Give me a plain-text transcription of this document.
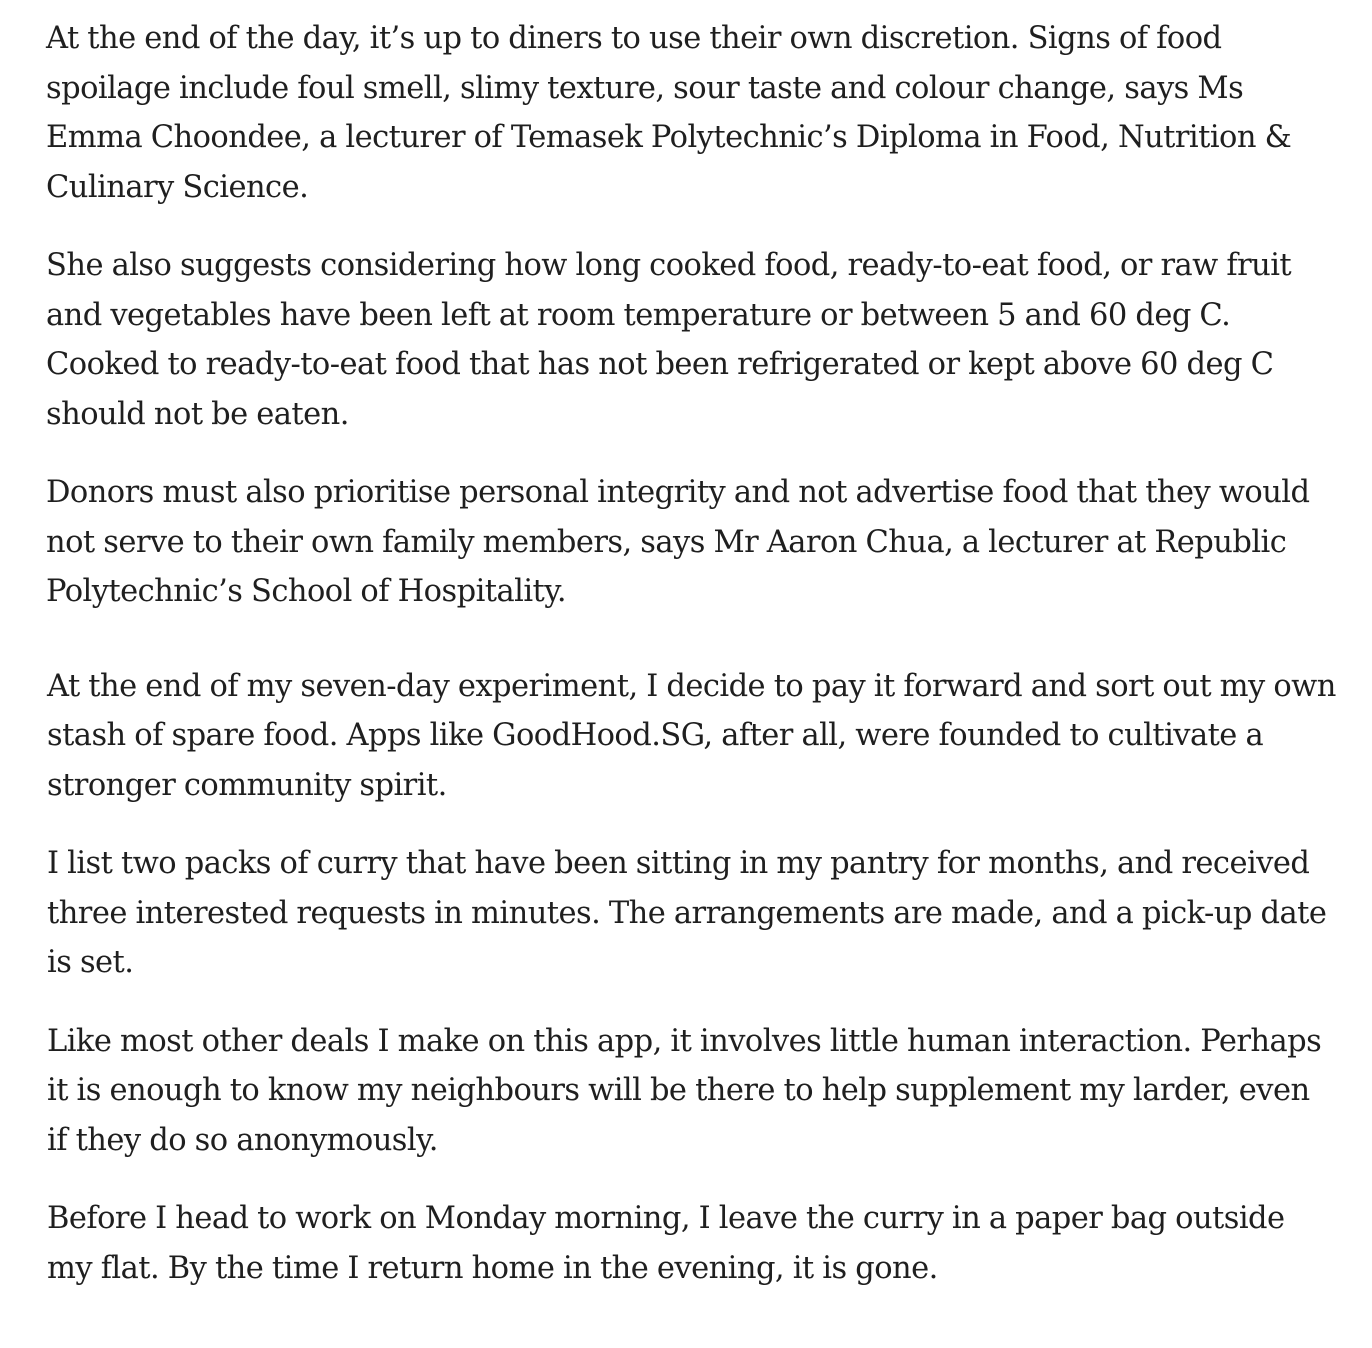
At the end of the day, it’s up to diners to use their own discretion. Signs of food spoilage include foul smell, slimy texture, sour taste and colour change, says Ms Emma Choondee, a lecturer of Temasek Polytechnic’s Diploma in Food, Nutrition & Culinary Science.

She also suggests considering how long cooked food, ready-to-eat food, or raw fruit and vegetables have been left at room temperature or between 5 and 60 deg C. Cooked to ready-to-eat food that has not been refrigerated or kept above 60 deg C should not be eaten.

Donors must also prioritise personal integrity and not advertise food that they would not serve to their own family members, says Mr Aaron Chua, a lecturer at Republic Polytechnic’s School of Hospitality.

At the end of my seven-day experiment, I decide to pay it forward and sort out my own stash of spare food. Apps like GoodHood.SG, after all, were founded to cultivate a stronger community spirit.

I list two packs of curry that have been sitting in my pantry for months, and received three interested requests in minutes. The arrangements are made, and a pick-up date is set.

Like most other deals I make on this app, it involves little human interaction. Perhaps it is enough to know my neighbours will be there to help supplement my larder, even if they do so anonymously.

Before I head to work on Monday morning, I leave the curry in a paper bag outside my flat. By the time I return home in the evening, it is gone.
